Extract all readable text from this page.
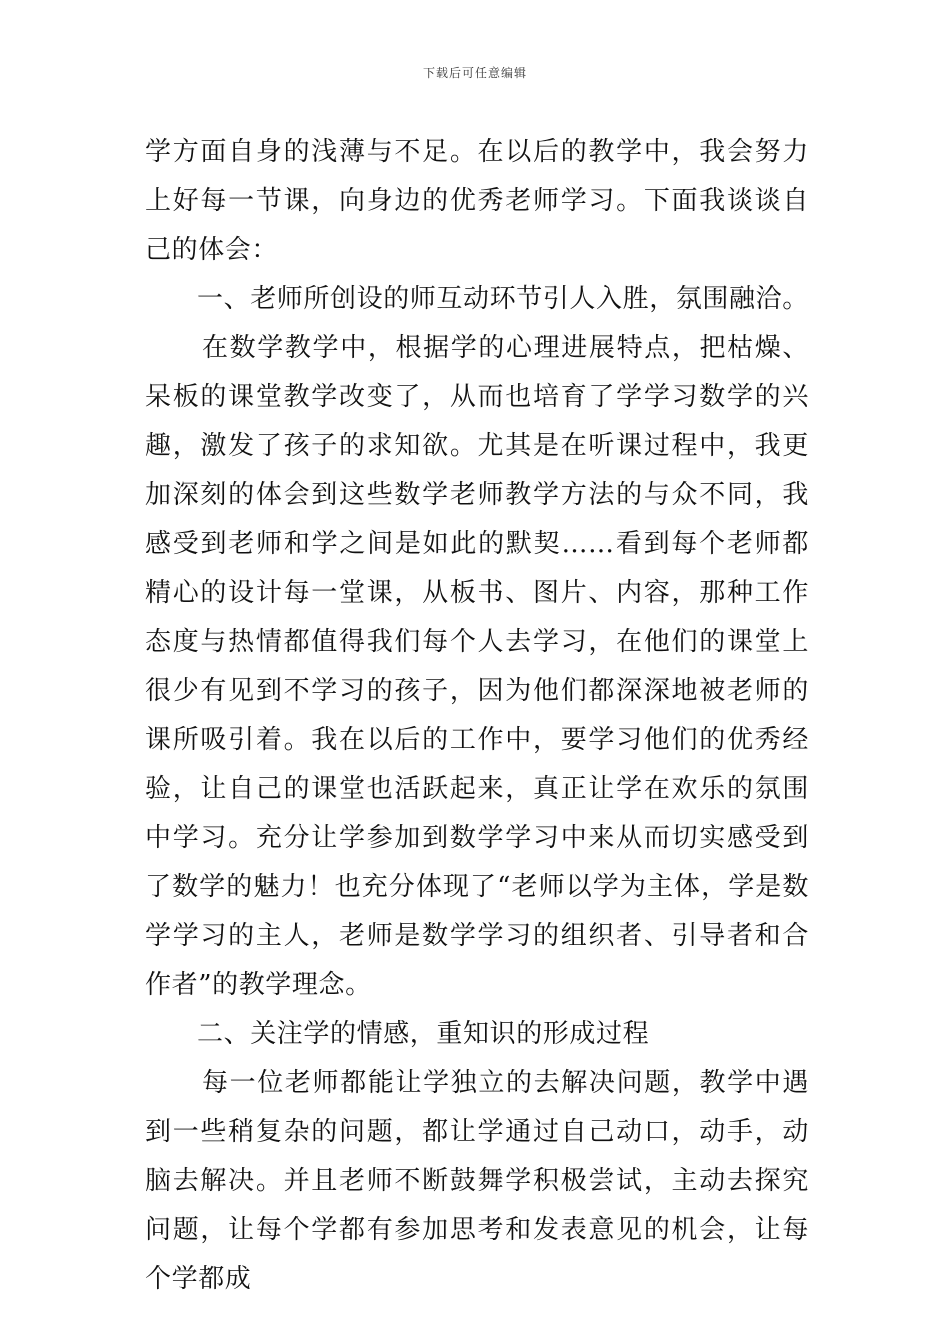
下载后可任意编辑

学方面自身的浅薄与不足。在以后的教学中，我会努力上好每一节课，向身边的优秀老师学习。下面我谈谈自己的体会：

一、老师所创设的师互动环节引人入胜，氛围融洽。

在数学教学中，根据学的心理进展特点，把枯燥、呆板的课堂教学改变了，从而也培育了学学习数学的兴趣，激发了孩子的求知欲。尤其是在听课过程中，我更加深刻的体会到这些数学老师教学方法的与众不同，我感受到老师和学之间是如此的默契……看到每个老师都精心的设计每一堂课，从板书、图片、内容，那种工作态度与热情都值得我们每个人去学习，在他们的课堂上很少有见到不学习的孩子，因为他们都深深地被老师的课所吸引着。我在以后的工作中，要学习他们的优秀经验，让自己的课堂也活跃起来，真正让学在欢乐的氛围中学习。充分让学参加到数学学习中来从而切实感受到了数学的魅力！也充分体现了“老师以学为主体，学是数学学习的主人，老师是数学学习的组织者、引导者和合作者”的教学理念。

二、关注学的情感，重知识的形成过程

每一位老师都能让学独立的去解决问题，教学中遇到一些稍复杂的问题，都让学通过自己动口，动手，动脑去解决。并且老师不断鼓舞学积极尝试，主动去探究问题，让每个学都有参加思考和发表意见的机会，让每个学都成
